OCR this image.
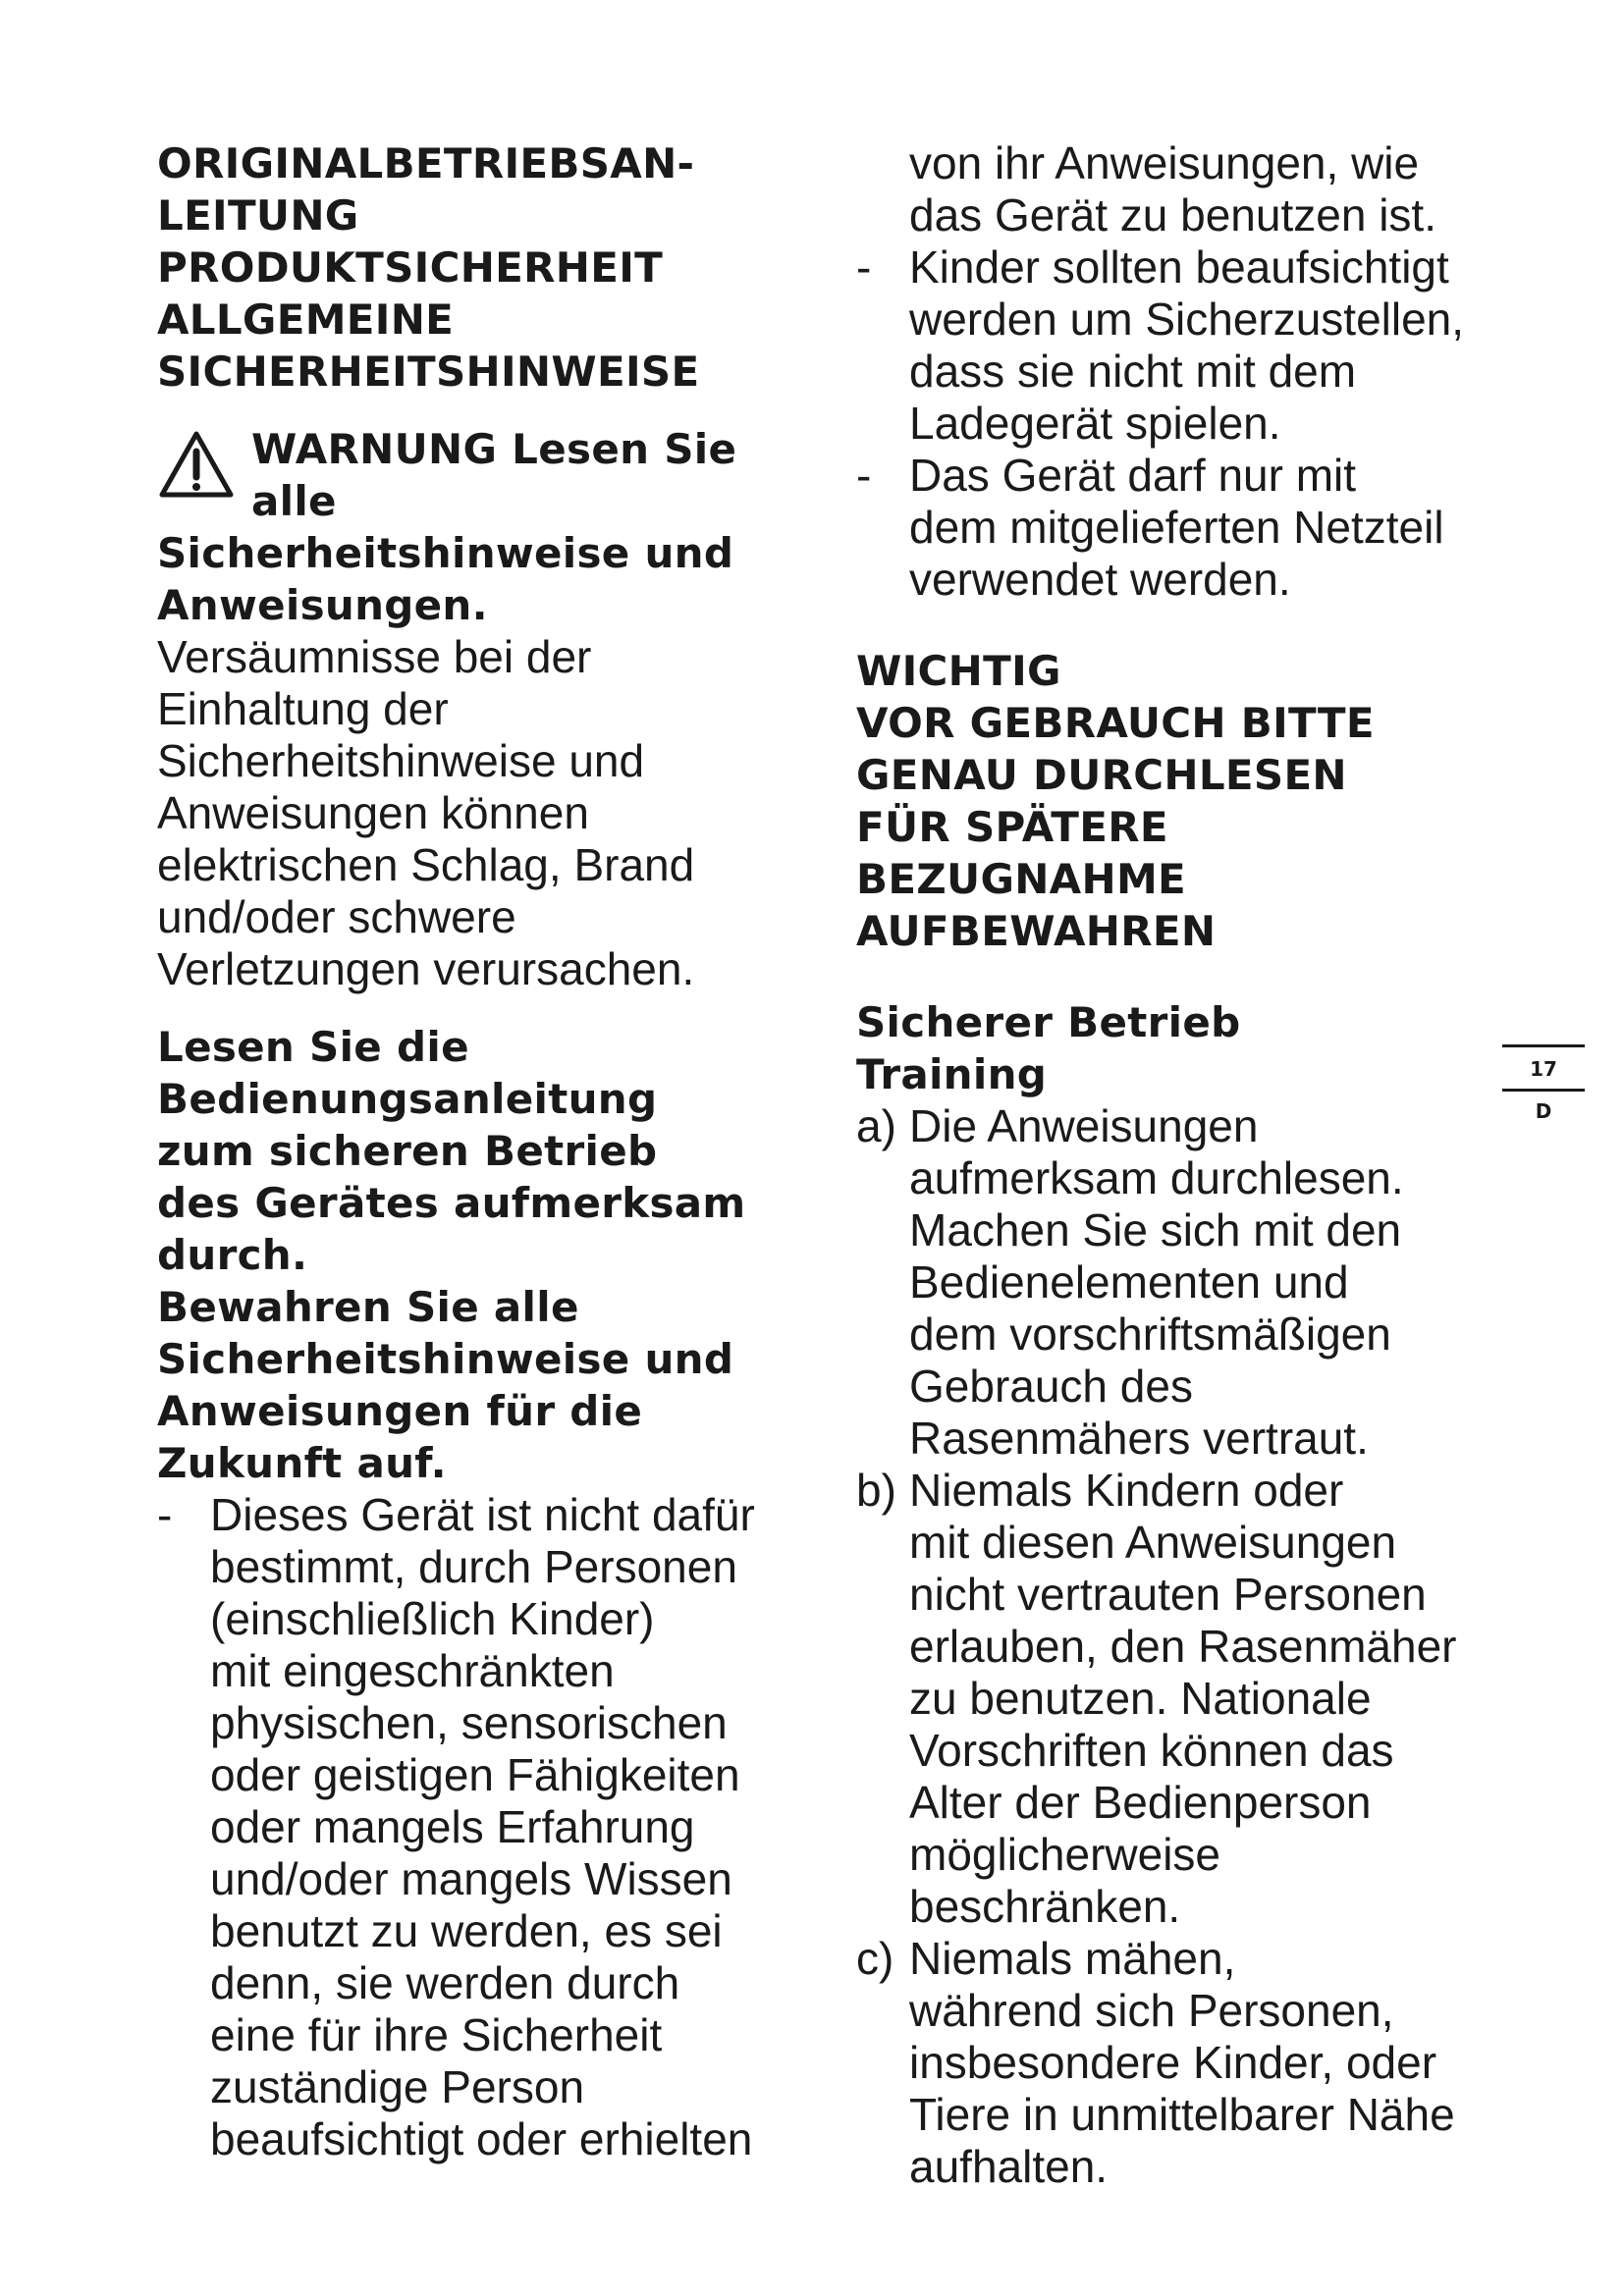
ORIGINALBETRIEBSAN-
LEITUNG
PRODUKTSICHERHEIT
ALLGEMEINE
SICHERHEITSHINWEISE
WARNUNG Lesen Sie
alle
Sicherheitshinweise und
Anweisungen.
Versäumnisse bei der
Einhaltung der
Sicherheitshinweise und
Anweisungen können
elektrischen Schlag, Brand
und/oder schwere
Verletzungen verursachen.
Lesen Sie die
Bedienungsanleitung
zum sicheren Betrieb
des Gerätes aufmerksam
durch.
Bewahren Sie alle
Sicherheitshinweise und
Anweisungen für die
Zukunft auf.
- Dieses Gerät ist nicht dafür
bestimmt, durch Personen
(einschließlich Kinder)
mit eingeschränkten
physischen, sensorischen
oder geistigen Fähigkeiten
oder mangels Erfahrung
und/oder mangels Wissen
benutzt zu werden, es sei
denn, sie werden durch
eine für ihre Sicherheit
zuständige Person
beaufsichtigt oder erhielten
von ihr Anweisungen, wie
das Gerät zu benutzen ist.
- Kinder sollten beaufsichtigt
werden um Sicherzustellen,
dass sie nicht mit dem
Ladegerät spielen.
- Das Gerät darf nur mit
dem mitgelieferten Netzteil
verwendet werden.
WICHTIG
VOR GEBRAUCH BITTE
GENAU DURCHLESEN
FÜR SPÄTERE
BEZUGNAHME
AUFBEWAHREN
Sicherer Betrieb
Training
a) Die Anweisungen
aufmerksam durchlesen.
Machen Sie sich mit den
Bedienelementen und
dem vorschriftsmäßigen
Gebrauch des
Rasenmähers vertraut.
b) Niemals Kindern oder
mit diesen Anweisungen
nicht vertrauten Personen
erlauben, den Rasenmäher
zu benutzen. Nationale
Vorschriften können das
Alter der Bedienperson
möglicherweise
beschränken.
c) Niemals mähen,
während sich Personen,
insbesondere Kinder, oder
Tiere in unmittelbarer Nähe
aufhalten.
17
D
